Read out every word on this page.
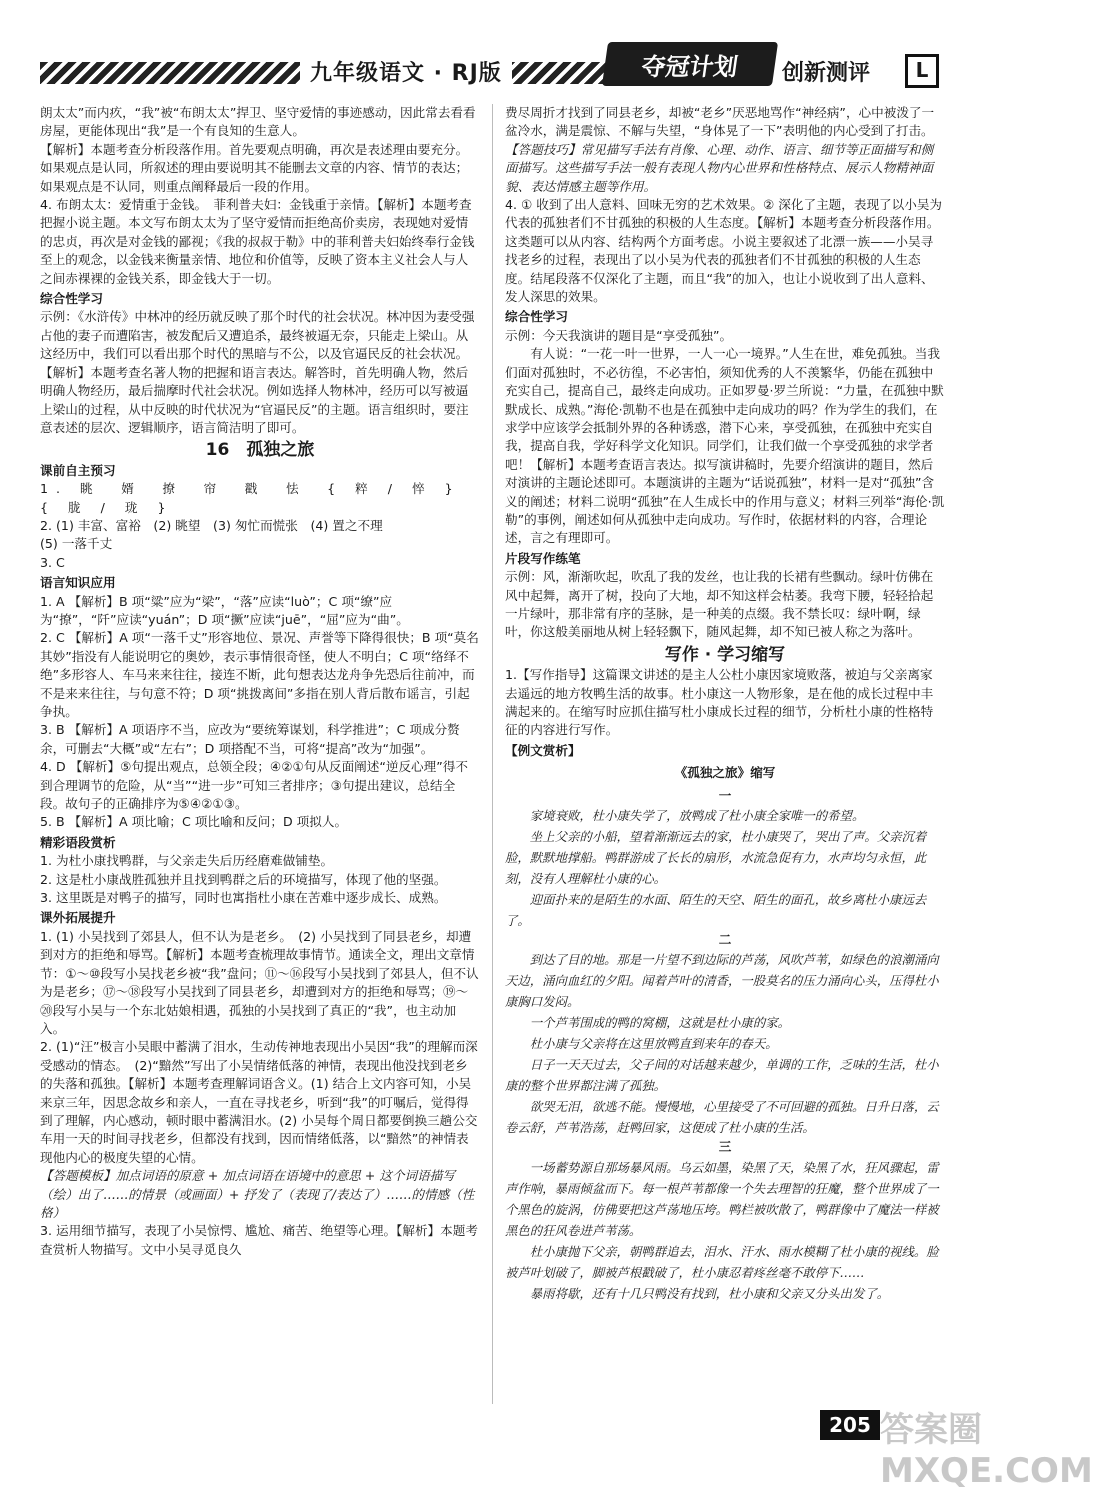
九年级语文 · RJ版	夺冠计划	创新测评	L

朗太太”而内疚，“我”被“布朗太太”捍卫、坚守爱情的事迹感动，因此常去看看房屋，更能体现出“我”是一个有良知的生意人。

【解析】本题考查分析段落作用。首先要观点明确，再次是表述理由要充分。如果观点是认同，所叙述的理由要说明其不能删去文章的内容、情节的表达；如果观点是不认同，则重点阐释最后一段的作用。

4. 布朗太太：爱情重于金钱。　菲利普夫妇：金钱重于亲情。【解析】本题考查把握小说主题。本文写布朗太太为了坚守爱情而拒绝高价卖房，表现她对爱情的忠贞，再次是对金钱的鄙视；《我的叔叔于勒》中的菲利普夫妇始终奉行金钱至上的观念，以金钱来衡量亲情、地位和价值等，反映了资本主义社会人与人之间赤裸裸的金钱关系，即金钱大于一切。

综合性学习

示例：《水浒传》中林冲的经历就反映了那个时代的社会状况。林冲因为妻受强占他的妻子而遭陷害，被发配后又遭追杀，最终被逼无奈，只能走上梁山。从这经历中，我们可以看出那个时代的黑暗与不公，以及官逼民反的社会状况。【解析】本题考查名著人物的把握和语言表达。解答时，首先明确人物，然后明确人物经历，最后揣摩时代社会状况。例如选择人物林冲，经历可以写被逼上梁山的过程，从中反映的时代状况为“官逼民反”的主题。语言组织时，要注意表述的层次、逻辑顺序，语言简洁明了即可。

16　孤独之旅

课前自主预习

1. 眺　婿　撩　帘　戳　怯　{ 粹 / 悴 }　{ 胧 / 珑 }

2. (1) 丰富、富裕　(2) 眺望　(3) 匆忙而慌张　(4) 置之不理

(5) 一落千丈

3. C

语言知识应用

1. A 【解析】B 项“粱”应为“梁”，“落”应读“luò”；C 项“缭”应为“撩”，“阡”应读“yuán”；D 项“撅”应读“juē”，“屈”应为“曲”。

2. C 【解析】A 项“一落千丈”形容地位、景况、声誉等下降得很快；B 项“莫名其妙”指没有人能说明它的奥妙，表示事情很奇怪，使人不明白；C 项“络绎不绝”多形容人、车马来来往往，接连不断，此句想表达龙舟争先恐后往前冲，而不是来来往往，与句意不符；D 项“挑拨离间”多指在别人背后散布谣言，引起争执。

3. B 【解析】A 项语序不当，应改为“要统筹谋划，科学推进”；C 项成分赘余，可删去“大概”或“左右”；D 项搭配不当，可将“提高”改为“加强”。

4. D 【解析】⑤句提出观点，总领全段；④②①句从反面阐述“逆反心理”得不到合理调节的危险，从“当”“进一步”可知三者排序；③句提出建议，总结全段。故句子的正确排序为⑤④②①③。

5. B 【解析】A 项比喻；C 项比喻和反问；D 项拟人。

精彩语段赏析

1. 为杜小康找鸭群，与父亲走失后历经磨难做铺垫。

2. 这是杜小康战胜孤独并且找到鸭群之后的环境描写，体现了他的坚强。

3. 这里既是对鸭子的描写，同时也寓指杜小康在苦难中逐步成长、成熟。

课外拓展提升

1. (1) 小吴找到了郊县人，但不认为是老乡。　(2) 小吴找到了同县老乡，却遭到对方的拒绝和辱骂。【解析】本题考查梳理故事情节。通读全文，理出文章情节：①～⑩段写小吴找老乡被“我”盘问；⑪～⑯段写小吴找到了郊县人，但不认为是老乡；⑰～⑱段写小吴找到了同县老乡，却遭到对方的拒绝和辱骂；⑲～⑳段写小吴与一个东北姑娘相遇，孤独的小吴找到了真正的“我”，也主动加入。

2. (1)“汪”极言小吴眼中蓄满了泪水，生动传神地表现出小吴因“我”的理解而深受感动的情态。　(2)“黯然”写出了小吴情绪低落的神情，表现出他没找到老乡的失落和孤独。【解析】本题考查理解词语含义。(1) 结合上文内容可知，小吴来京三年，因思念故乡和亲人，一直在寻找老乡，听到“我”的叮嘱后，觉得得到了理解，内心感动，顿时眼中蓄满泪水。(2) 小吴每个周日都要倒换三趟公交车用一天的时间寻找老乡，但都没有找到，因而情绪低落，以“黯然”的神情表现他内心的极度失望的心情。

【答题模板】加点词语的原意 + 加点词语在语境中的意思 + 这个词语描写（绘）出了……的情景（或画面）+ 抒发了（表现了/表达了）……的情感（性格）

3. 运用细节描写，表现了小吴惊愕、尴尬、痛苦、绝望等心理。【解析】本题考查赏析人物描写。文中小吴寻觅良久

费尽周折才找到了同县老乡，却被“老乡”厌恶地骂作“神经病”，心中被泼了一盆冷水，满是震惊、不解与失望，“身体晃了一下”表明他的内心受到了打击。

【答题技巧】常见描写手法有肖像、心理、动作、语言、细节等正面描写和侧面描写。这些描写手法一般有表现人物内心世界和性格特点、展示人物精神面貌、表达情感主题等作用。

4. ① 收到了出人意料、回味无穷的艺术效果。② 深化了主题，表现了以小吴为代表的孤独者们不甘孤独的积极的人生态度。【解析】本题考查分析段落作用。这类题可以从内容、结构两个方面考虑。小说主要叙述了北漂一族——小吴寻找老乡的过程，表现出了以小吴为代表的孤独者们不甘孤独的积极的人生态度。结尾段落不仅深化了主题，而且“我”的加入，也让小说收到了出人意料、发人深思的效果。

综合性学习

示例：今天我演讲的题目是“享受孤独”。

有人说：“一花一叶一世界，一人一心一境界。”人生在世，难免孤独。当我们面对孤独时，不必彷徨，不必害怕，须知优秀的人不羡繁华，仍能在孤独中充实自己，提高自己，最终走向成功。正如罗曼·罗兰所说：“力量，在孤独中默默成长、成熟。”海伦·凯勒不也是在孤独中走向成功的吗？作为学生的我们，在求学中应该学会抵制外界的各种诱惑，潜下心来，享受孤独，在孤独中充实自我，提高自我，学好科学文化知识。同学们，让我们做一个享受孤独的求学者吧！【解析】本题考查语言表达。拟写演讲稿时，先要介绍演讲的题目，然后对演讲的主题论述即可。本题演讲的主题为“话说孤独”，材料一是对“孤独”含义的阐述；材料二说明“孤独”在人生成长中的作用与意义；材料三列举“海伦·凯勒”的事例，阐述如何从孤独中走向成功。写作时，依据材料的内容，合理论述，言之有理即可。

片段写作练笔

示例：风，渐渐吹起，吹乱了我的发丝，也让我的长裙有些飘动。绿叶仿佛在风中起舞，离开了树，投向了大地，却不知这样会枯萎。我弯下腰，轻轻拾起一片绿叶，那非常有序的茎脉，是一种美的点缀。我不禁长叹：绿叶啊，绿叶，你这般美丽地从树上轻轻飘下，随风起舞，却不知已被人称之为落叶。

写作 · 学习缩写

1.【写作指导】这篇课文讲述的是主人公杜小康因家境败落，被迫与父亲离家去遥远的地方牧鸭生活的故事。杜小康这一人物形象，是在他的成长过程中丰满起来的。在缩写时应抓住描写杜小康成长过程的细节，分析杜小康的性格特征的内容进行写作。

【例文赏析】

《孤独之旅》缩写

一

家境衰败，杜小康失学了，放鸭成了杜小康全家唯一的希望。

坐上父亲的小船，望着渐渐远去的家，杜小康哭了，哭出了声。父亲沉着脸，默默地撑船。鸭群游成了长长的扇形，水流急促有力，水声均匀永恒，此刻，没有人理解杜小康的心。

迎面扑来的是陌生的水面、陌生的天空、陌生的面孔，故乡离杜小康远去了。

二

到达了目的地。那是一片望不到边际的芦荡，风吹芦苇，如绿色的浪潮涌向天边，涌向血红的夕阳。闻着芦叶的清香，一股莫名的压力涌向心头，压得杜小康胸口发闷。

一个芦苇围成的鸭的窝棚，这就是杜小康的家。

杜小康与父亲将在这里放鸭直到来年的春天。

日子一天天过去，父子间的对话越来越少，单调的工作，乏味的生活，杜小康的整个世界都注满了孤独。

欲哭无泪，欲逃不能。慢慢地，心里接受了不可回避的孤独。日升日落，云卷云舒，芦苇浩荡，赶鸭回家，这便成了杜小康的生活。

三

一场蓄势源自那场暴风雨。乌云如墨，染黑了天，染黑了水，狂风骤起，雷声作响，暴雨倾盆而下。每一根芦苇都像一个失去理智的狂魔，整个世界成了一个黑色的旋涡，仿佛要把这芦荡地压垮。鸭栏被吹散了，鸭群像中了魔法一样被黑色的狂风卷进芦苇荡。

杜小康抛下父亲，朝鸭群追去，泪水、汗水、雨水模糊了杜小康的视线。脸被芦叶划破了，脚被芦根戳破了，杜小康忍着疼丝毫不敢停下……

暴雨将歇，还有十几只鸭没有找到，杜小康和父亲又分头出发了。

205 答案圈 MXQE.COM
